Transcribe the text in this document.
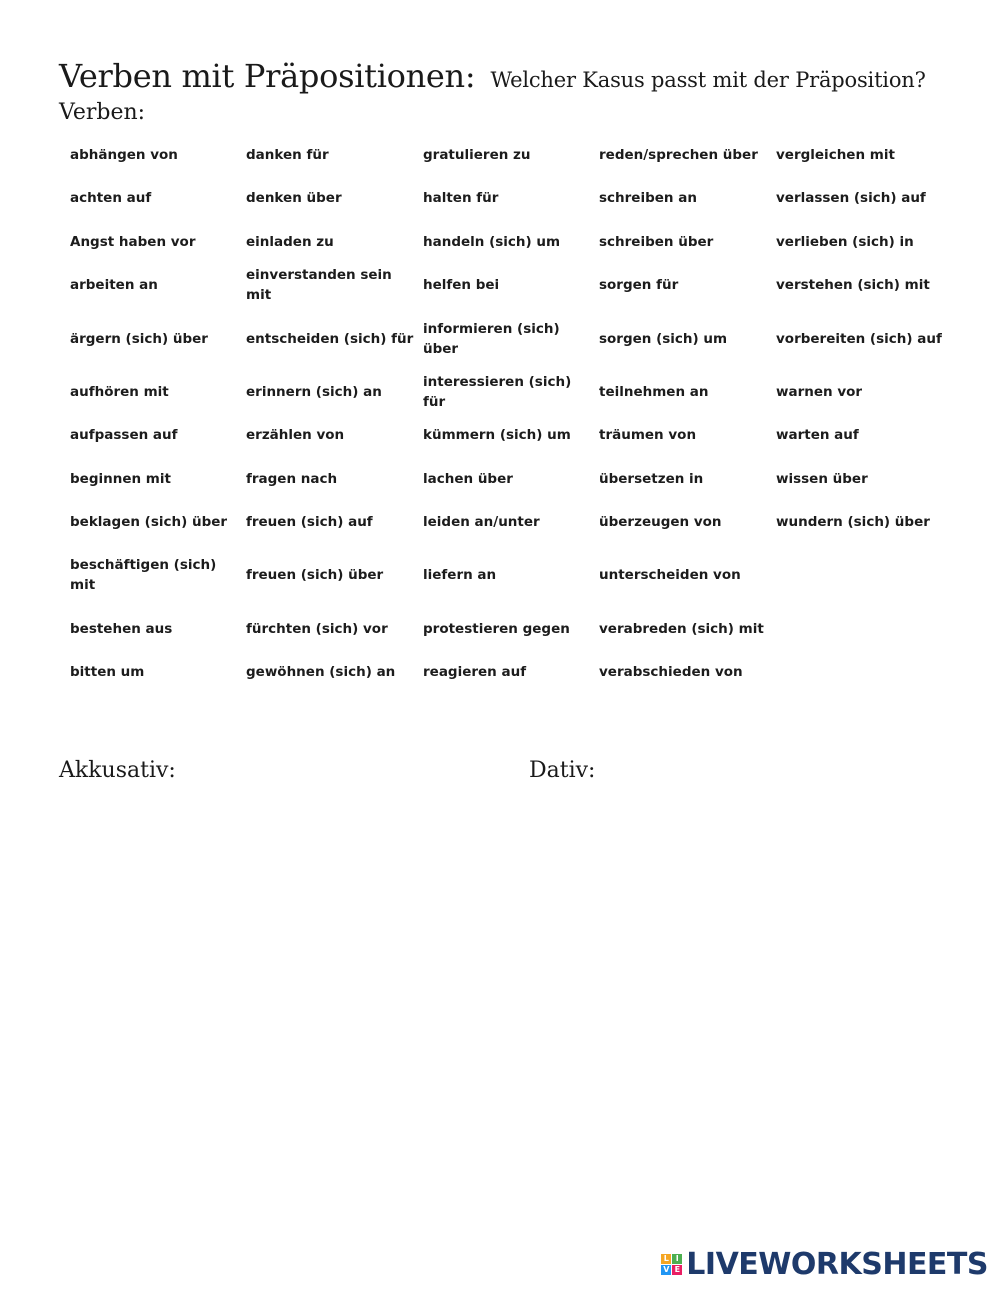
Verben mit Präpositionen: Welcher Kasus passt mit der Präposition?
Verben:
abhängen von
achten auf
Angst haben vor
arbeiten an
ärgern (sich) über
aufhören mit
aufpassen auf
beginnen mit
beklagen (sich) über
beschäftigen (sich) mit
bestehen aus
bitten um
danken für
denken über
einladen zu
einverstanden sein mit
entscheiden (sich) für
erinnern (sich) an
erzählen von
fragen nach
freuen (sich) auf
freuen (sich) über
fürchten (sich) vor
gewöhnen (sich) an
gratulieren zu
halten für
handeln (sich) um
helfen bei
informieren (sich) über
interessieren (sich) für
kümmern (sich) um
lachen über
leiden an/unter
liefern an
protestieren gegen
reagieren auf
reden/sprechen über
schreiben an
schreiben über
sorgen für
sorgen (sich) um
teilnehmen an
träumen von
übersetzen in
überzeugen von
unterscheiden von
verabreden (sich) mit
verabschieden von
vergleichen mit
verlassen (sich) auf
verlieben (sich) in
verstehen (sich) mit
vorbereiten (sich) auf
warnen vor
warten auf
wissen über
wundern (sich) über
Akkusativ:	Dativ:
L I
V E LIVEWORKSHEETS
